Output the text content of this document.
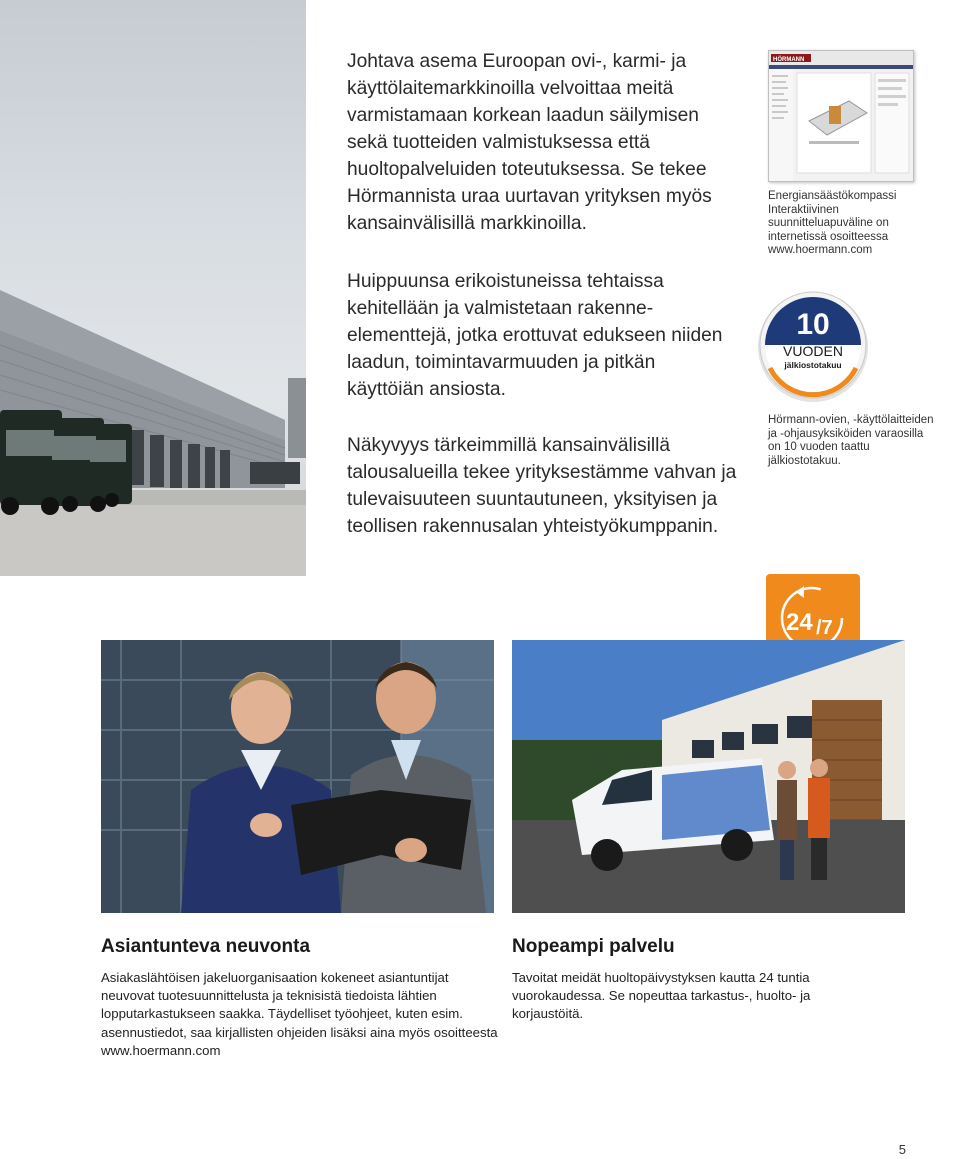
Johtava asema Euroopan ovi-, karmi- ja käyttölaitemarkkinoilla velvoittaa meitä varmistamaan korkean laadun säilymisen sekä tuotteiden valmistuksessa että huoltopalveluiden toteutuksessa. Se tekee Hörmannista uraa uurtavan yrityksen myös kansainvälisillä markkinoilla.

Huippuunsa erikoistuneissa tehtaissa kehitellään ja valmistetaan rakenne-elementtejä, jotka erottuvat edukseen niiden laadun, toimintavarmuuden ja pitkän käyttöiän ansiosta.

Näkyvyys tärkeimmillä kansainvälisillä talousalueilla tekee yrityksestämme vahvan ja tulevaisuuteen suuntautuneen, yksityisen ja teollisen rakennusalan yhteistyökumppanin.

HÖRMANN

Energiansäästökompassi Interaktiivinen suunnitteluapuväline on internetissä osoitteessa www.hoermann.com

10
VUODEN
jälkiostotakuu

Hörmann-ovien, -käyttölaitteiden ja -ohjausyksiköiden varaosilla on 10 vuoden taattu jälkiostotakuu.

24 /7
Asiantunteva neuvonta

Asiakaslähtöisen jakeluorganisaation kokeneet asiantuntijat neuvovat tuotesuunnittelusta ja teknisistä tiedoista lähtien lopputarkastukseen saakka. Täydelliset työohjeet, kuten esim. asennustiedot, saa kirjallisten ohjeiden lisäksi aina myös osoitteesta www.hoermann.com

Nopeampi palvelu

Tavoitat meidät huoltopäivystyksen kautta 24 tuntia vuorokaudessa. Se nopeuttaa tarkastus-, huolto- ja korjaustöitä.

5
